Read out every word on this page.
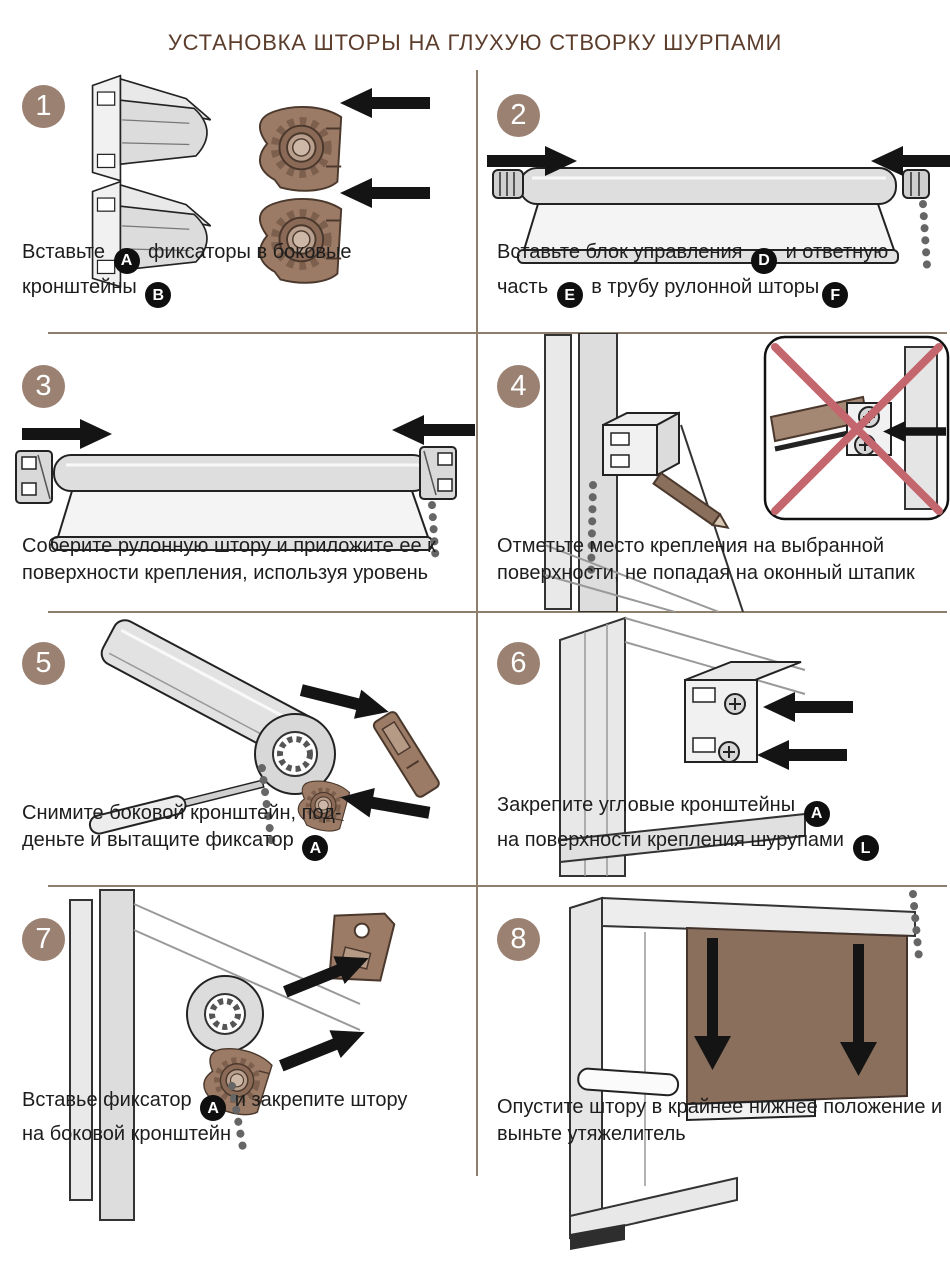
УСТАНОВКА ШТОРЫ НА ГЛУХУЮ СТВОРКУ ШУРПАМИ
1

Вставьте A фиксаторы в боковые
кронштейны B

2

Вставьте блок управления D и ответную
часть E в трубу рулонной шторы F

3

Соберите рулонную штору и приложите ее к
поверхности крепления, используя уровень

4

Отметьте место крепления на выбранной
поверхности, не попадая на оконный штапик

5

Снимите боковой кронштейн, под-
деньте и вытащите фиксатор A

6

Закрепите угловые кронштейны A
на поверхности крепления шурупами L

7

Вставье фиксатор A и закрепите штору
на боковой кронштейн

8

Опустите штору в крайнее нижнее положение и
выньте утяжелитель
